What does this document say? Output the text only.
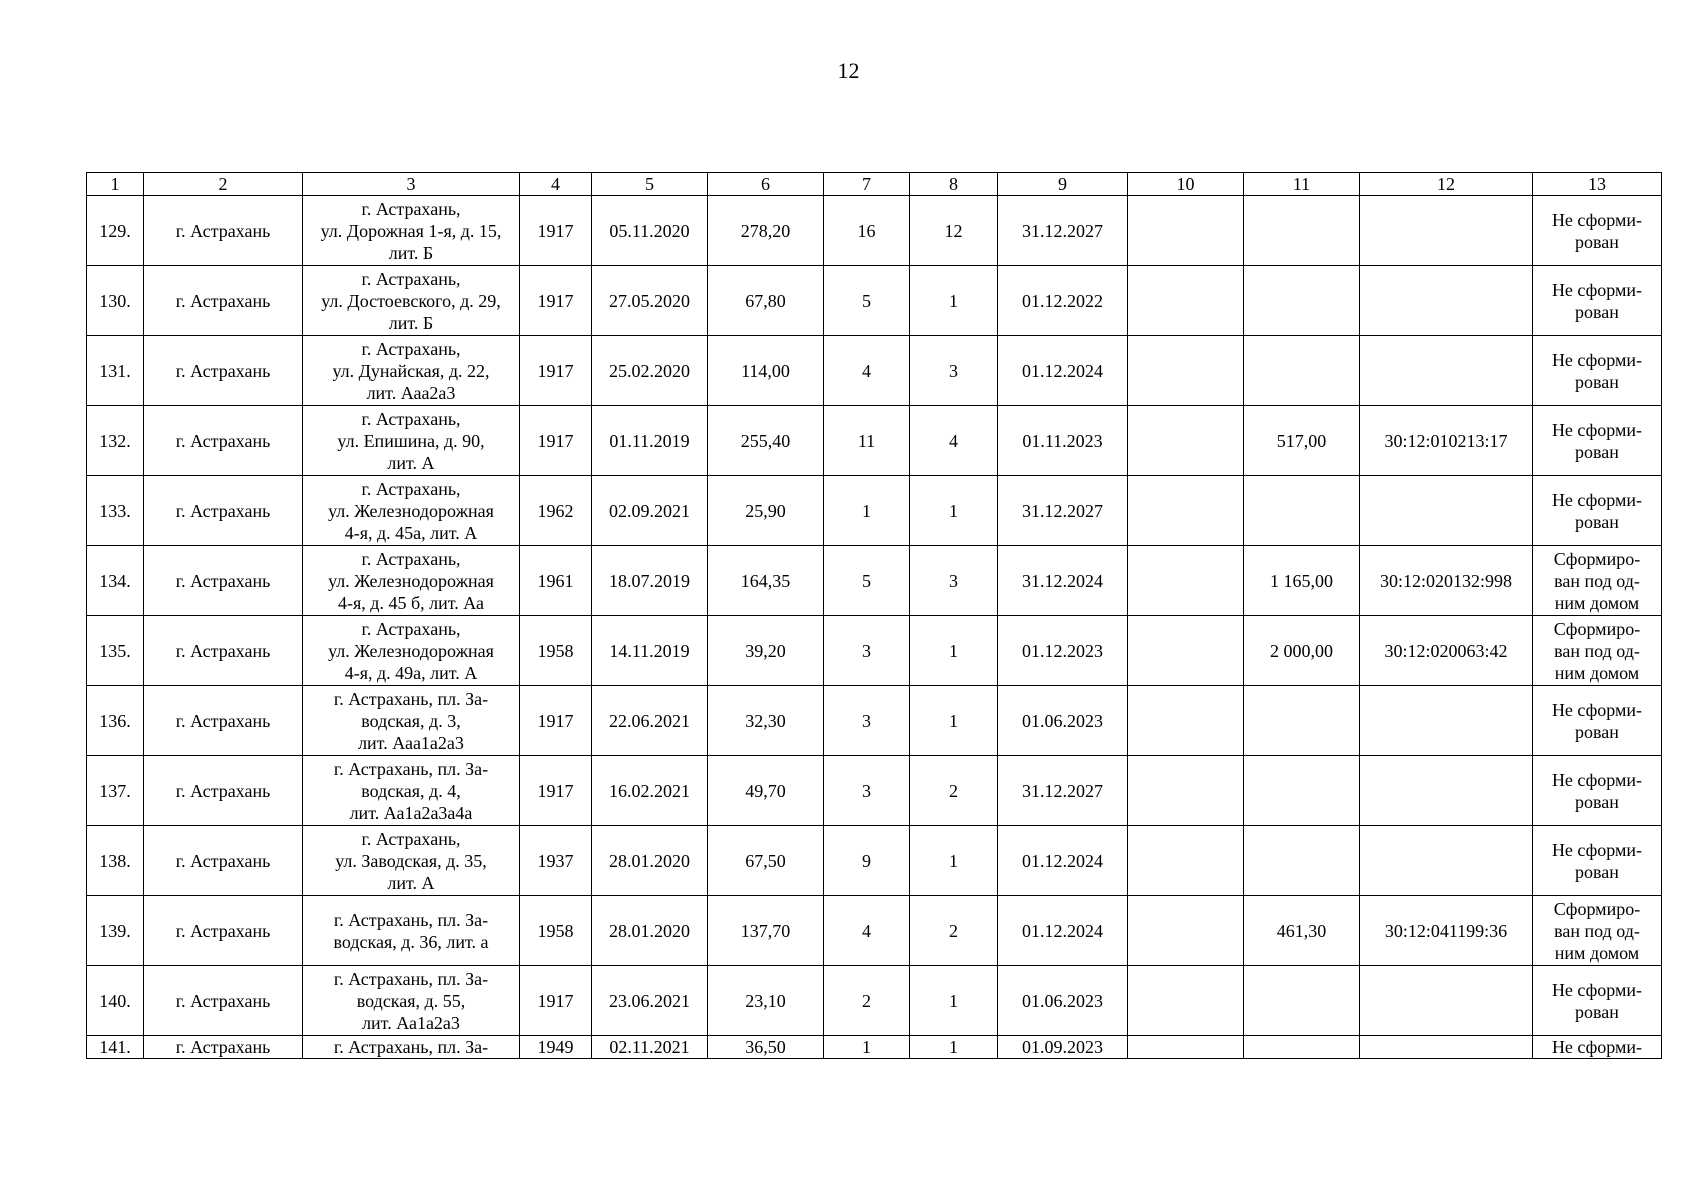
12
1	2	3	4	5	6	7	8	9	10	11	12	13
129.	г. Астрахань	г. Астрахань,
ул. Дорожная 1-я, д. 15,
лит. Б	1917	05.11.2020	278,20	16	12	31.12.2027				Не сформи-
рован

130.	г. Астрахань	г. Астрахань,
ул. Достоевского, д. 29,
лит. Б	1917	27.05.2020	67,80	5	1	01.12.2022				Не сформи-
рован

131.	г. Астрахань	г. Астрахань,
ул. Дунайская, д. 22,
лит. Ааа2а3	1917	25.02.2020	114,00	4	3	01.12.2024				Не сформи-
рован

132.	г. Астрахань	г. Астрахань,
ул. Епишина, д. 90,
лит. А	1917	01.11.2019	255,40	11	4	01.11.2023		517,00	30:12:010213:17	Не сформи-
рован

133.	г. Астрахань	г. Астрахань,
ул. Железнодорожная
4-я, д. 45а, лит. А	1962	02.09.2021	25,90	1	1	31.12.2027				Не сформи-
рован

134.	г. Астрахань	г. Астрахань,
ул. Железнодорожная
4-я, д. 45 б, лит. Аа	1961	18.07.2019	164,35	5	3	31.12.2024		1 165,00	30:12:020132:998	Сформиро-
ван под од-
ним домом

135.	г. Астрахань	г. Астрахань,
ул. Железнодорожная
4-я, д. 49а, лит. А	1958	14.11.2019	39,20	3	1	01.12.2023		2 000,00	30:12:020063:42	Сформиро-
ван под од-
ним домом

136.	г. Астрахань	г. Астрахань, пл. За-
водская, д. 3,
лит. Ааа1а2а3	1917	22.06.2021	32,30	3	1	01.06.2023				Не сформи-
рован

137.	г. Астрахань	г. Астрахань, пл. За-
водская, д. 4,
лит. Аа1а2а3а4а	1917	16.02.2021	49,70	3	2	31.12.2027				Не сформи-
рован

138.	г. Астрахань	г. Астрахань,
ул. Заводская, д. 35,
лит. А	1937	28.01.2020	67,50	9	1	01.12.2024				Не сформи-
рован

139.	г. Астрахань	г. Астрахань, пл. За-
водская, д. 36, лит. а	1958	28.01.2020	137,70	4	2	01.12.2024		461,30	30:12:041199:36	Сформиро-
ван под од-
ним домом

140.	г. Астрахань	г. Астрахань, пл. За-
водская, д. 55,
лит. Аа1а2а3	1917	23.06.2021	23,10	2	1	01.06.2023				Не сформи-
рован

141.	г. Астрахань	г. Астрахань, пл. За-	1949	02.11.2021	36,50	1	1	01.09.2023				Не сформи-
